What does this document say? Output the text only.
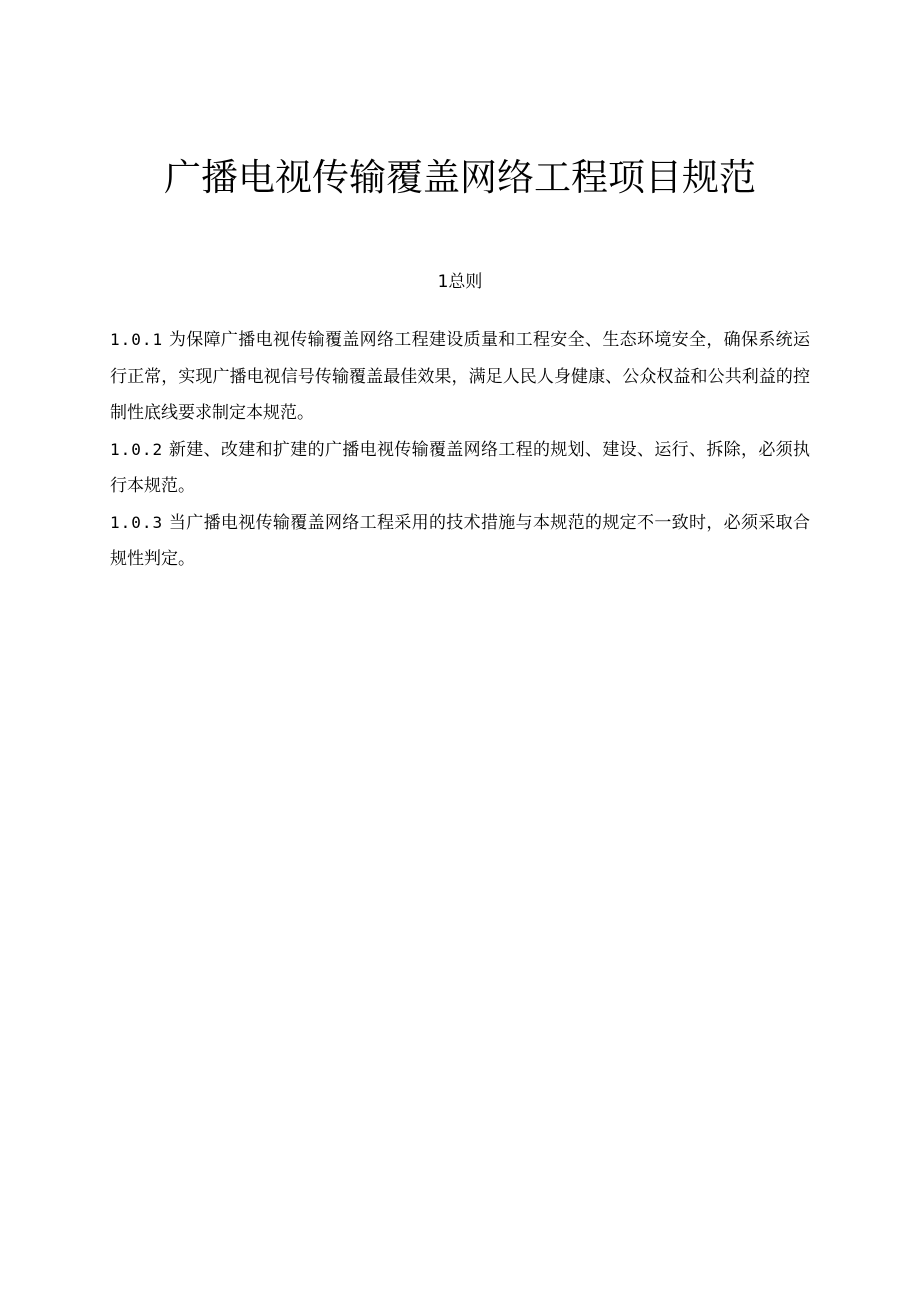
广播电视传输覆盖网络工程项目规范
1总则

1.0.1 为保障广播电视传输覆盖网络工程建设质量和工程安全、生态环境安全，确保系统运行正常，实现广播电视信号传输覆盖最佳效果，满足人民人身健康、公众权益和公共利益的控制性底线要求制定本规范。

1.0.2 新建、改建和扩建的广播电视传输覆盖网络工程的规划、建设、运行、拆除，必须执行本规范。

1.0.3 当广播电视传输覆盖网络工程采用的技术措施与本规范的规定不一致时，必须采取合规性判定。
